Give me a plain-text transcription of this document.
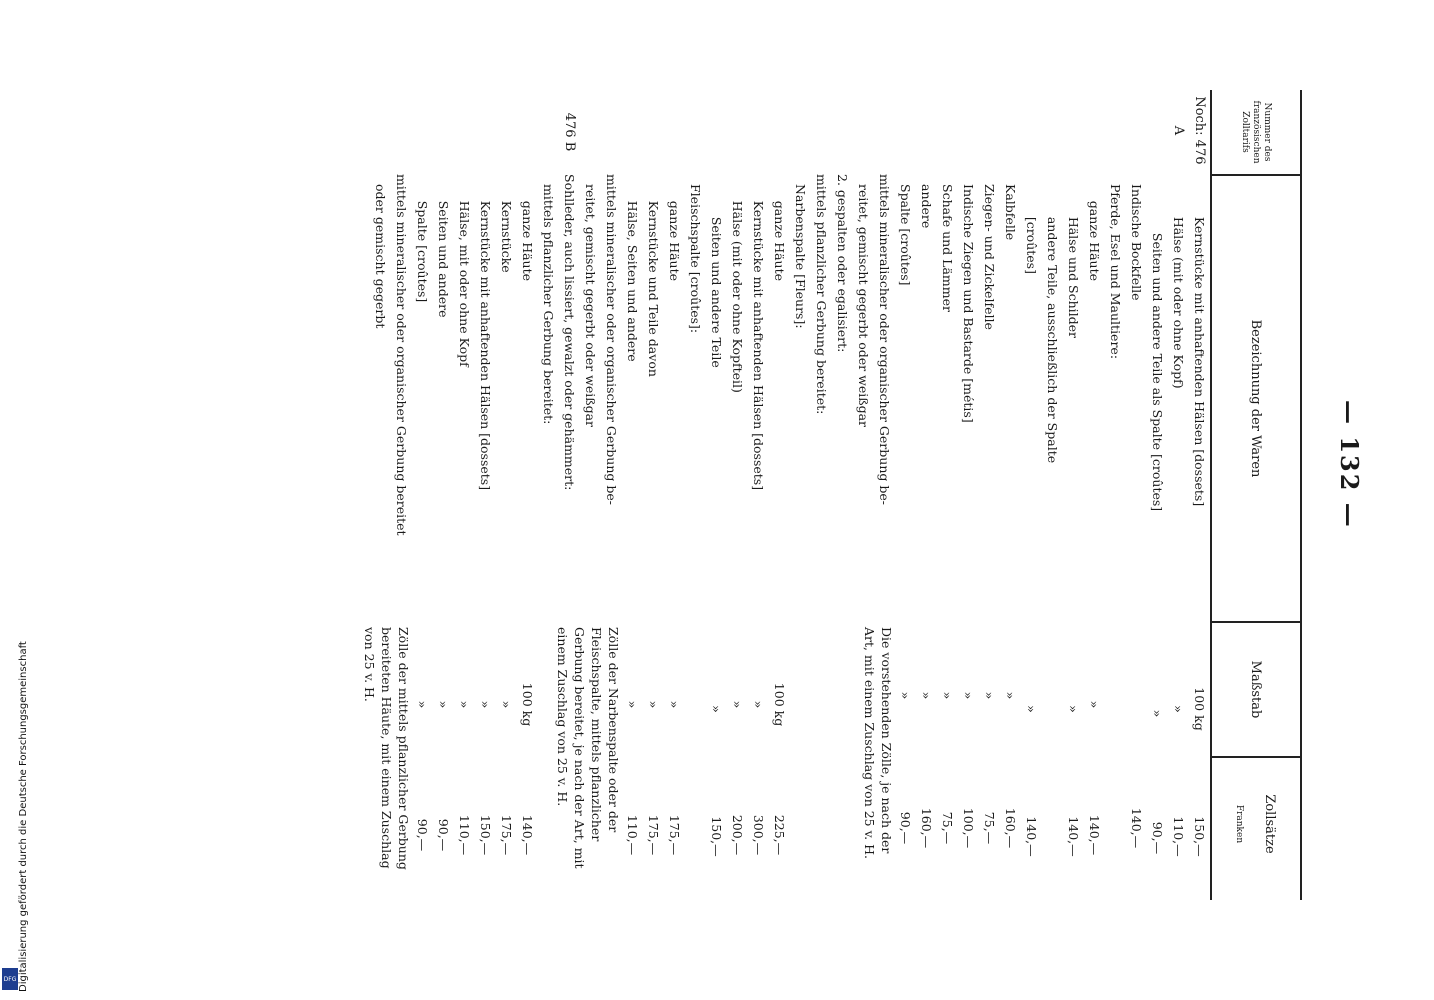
— 132 —
Nummer des französischen Zolltarifs
Bezeichnung der Waren
Maßstab
Zollsätze
Franken
Noch: 476 A
Kernstücke mit anhaftenden Hälsen [dossets]
100 kg
150,—
Hälse (mit oder ohne Kopf)
»
110,—
Seiten und andere Teile als Spalte [croûtes]
»
90,—
Indische Bockfelle
140,—
Pferde, Esel und Maultiere:
ganze Häute
»
140,—
Hälse und Schilder
»
140,—
andere Teile, ausschließlich der Spalte
[croûtes]
»
140,—
Kalbfelle
»
160,—
Ziegen- und Zickelfelle
»
75,—
Indische Ziegen und Bastarde [métis]
»
100,—
Schafe und Lämmer
»
75,—
andere
»
160,—
Spalte [croûtes]
»
90,—
mittels mineralischer oder organischer Gerbung be-
reitet, gemischt gegerbt oder weißgar
2. gespalten oder egalisiert:
mittels pflanzlicher Gerbung bereitet:
Narbenspalte [Fleurs]:
ganze Häute
100 kg
225,—
Kernstücke mit anhaftenden Hälsen [dossets]
»
300,—
Hälse (mit oder ohne Kopfteil)
»
200,—
Seiten und andere Teile
»
150,—
Fleischspalte [croûtes]:
ganze Häute
»
175,—
Kernstücke und Teile davon
»
175,—
Hälse, Seiten und andere
»
110,—
mittels mineralischer oder organischer Gerbung be-
reitet, gemischt gegerbt oder weißgar
476 B
Sohlleder, auch lissiert, gewalzt oder gehämmert:
mittels pflanzlicher Gerbung bereitet:
ganze Häute
100 kg
140,—
Kernstücke
»
175,—
Kernstücke mit anhaftenden Hälsen [dossets]
»
150,—
Hälse, mit oder ohne Kopf
»
110,—
Seiten und andere
»
90,—
Spalte [croûtes]
»
90,—
mittels mineralischer oder organischer Gerbung bereitet
oder gemischt gegerbt
Die vorstehenden Zölle, je nach der Art, mit einem Zuschlag von 25 v. H.
Zölle der Narbenspalte oder der Fleischspalte, mittels pflanzlicher Gerbung bereitet, je nach der Art, mit einem Zuschlag von 25 v. H.
Zölle der mittels pflanzlicher Gerbung bereiteten Häute, mit einem Zuschlag von 25 v. H.
Digitalisierung gefördert durch die Deutsche Forschungsgemeinschaft
DFG
